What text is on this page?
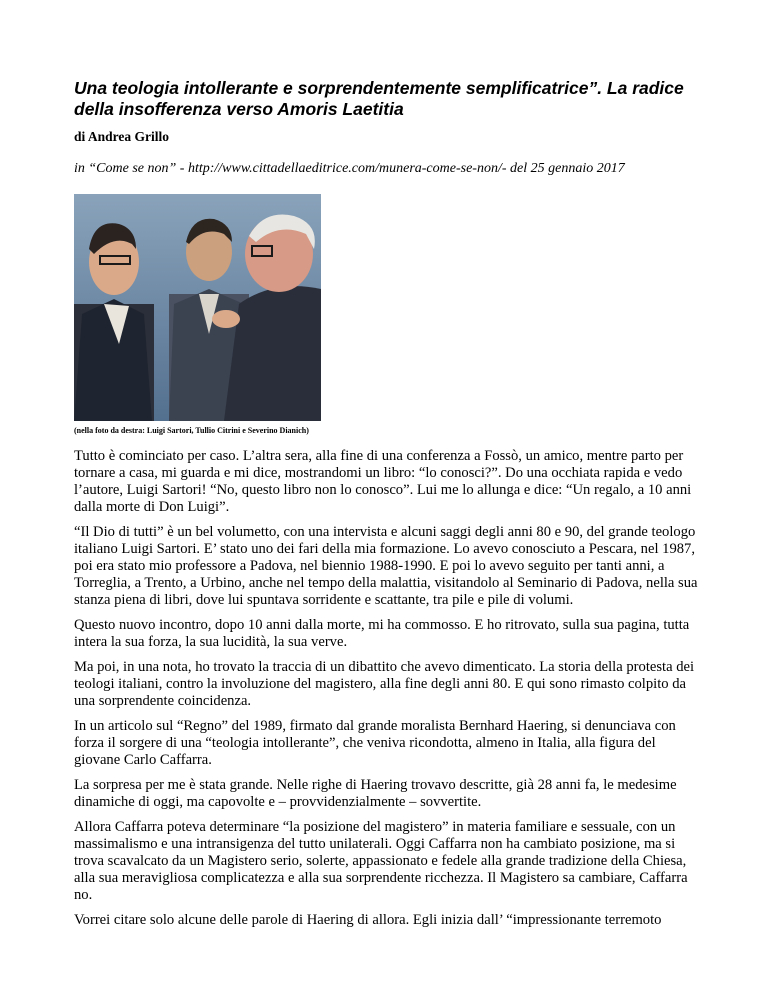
Una teologia intollerante e sorprendentemente semplificatrice”. La radice della insofferenza verso Amoris Laetitia

di Andrea Grillo

in “Come se non” - http://www.cittadellaeditrice.com/munera-come-se-non/- del 25 gennaio 2017

(nella foto da destra: Luigi Sartori, Tullio Citrini e Severino Dianich)

Tutto è cominciato per caso. L’altra sera, alla fine di una conferenza a Fossò, un amico, mentre parto per tornare a casa, mi guarda e mi dice, mostrandomi un libro: “lo conosci?”. Do una occhiata rapida e vedo l’autore, Luigi Sartori! “No, questo libro non lo conosco”. Lui me lo allunga e dice: “Un regalo, a 10 anni dalla morte di Don Luigi”.

“Il Dio di tutti” è un bel volumetto, con una intervista e alcuni saggi degli anni 80 e 90, del grande teologo italiano Luigi Sartori. E’ stato uno dei fari della mia formazione. Lo avevo conosciuto a Pescara, nel 1987, poi era stato mio professore a Padova, nel biennio 1988-1990. E poi lo avevo seguito per tanti anni, a Torreglia, a Trento, a Urbino, anche nel tempo della malattia, visitandolo al Seminario di Padova, nella sua stanza piena di libri, dove lui spuntava sorridente e scattante, tra pile e pile di volumi.

Questo nuovo incontro, dopo 10 anni dalla morte, mi ha commosso. E ho ritrovato, sulla sua pagina, tutta intera la sua forza, la sua lucidità, la sua verve.

Ma poi, in una nota, ho trovato la traccia di un dibattito che avevo dimenticato. La storia della protesta dei teologi italiani, contro la involuzione del magistero, alla fine degli anni 80. E qui sono rimasto colpito da una sorprendente coincidenza.

In un articolo sul “Regno” del 1989, firmato dal grande moralista Bernhard Haering, si denunciava con forza il sorgere di una “teologia intollerante”, che veniva ricondotta, almeno in Italia, alla figura del giovane Carlo Caffarra.

La sorpresa per me è stata grande. Nelle righe di Haering trovavo descritte, già 28 anni fa, le medesime dinamiche di oggi, ma capovolte e – provvidenzialmente – sovvertite.

Allora Caffarra poteva determinare “la posizione del magistero” in materia familiare e sessuale, con un massimalismo e una intransigenza del tutto unilaterali. Oggi Caffarra non ha cambiato posizione, ma si trova scavalcato da un Magistero serio, solerte, appassionato e fedele alla grande tradizione della Chiesa, alla sua meravigliosa complicatezza e alla sua sorprendente ricchezza. Il Magistero sa cambiare, Caffarra no.

Vorrei citare solo alcune delle parole di Haering di allora. Egli inizia dall’ “impressionante terremoto
